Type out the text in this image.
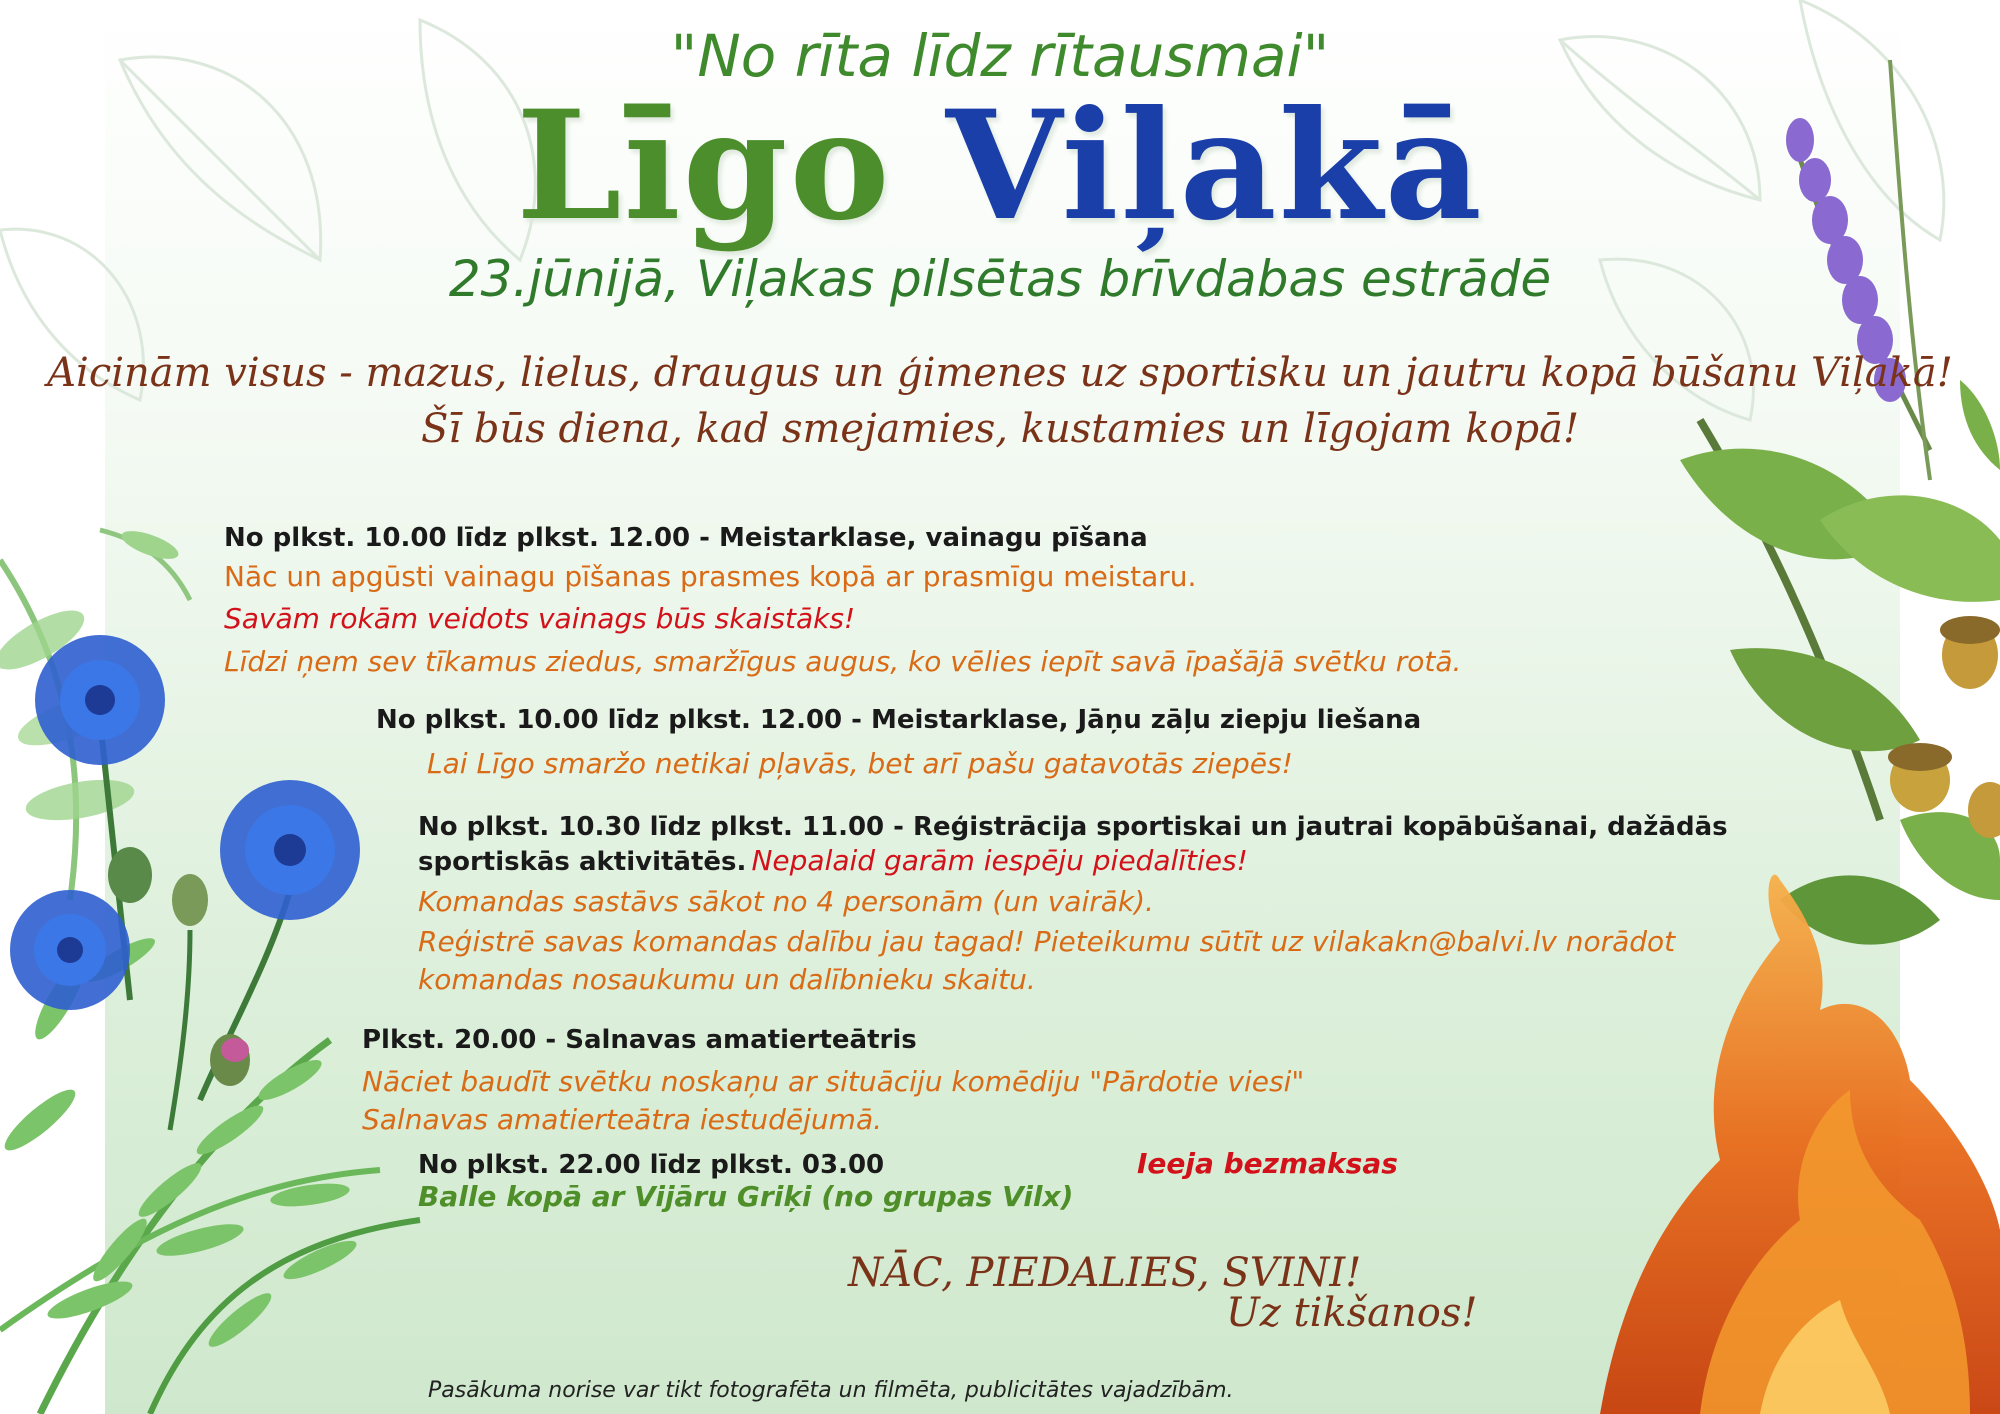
"No rīta līdz rītausmai"
Līgo Viļakā
23.jūnijā, Viļakas pilsētas brīvdabas estrādē
Aicinām visus - mazus, lielus, draugus un ģimenes uz sportisku un jautru kopā būšanu Viļakā!
Šī būs diena, kad smejamies, kustamies un līgojam kopā!
No plkst. 10.00 līdz plkst. 12.00 - Meistarklase, vainagu pīšana
Nāc un apgūsti vainagu pīšanas prasmes kopā ar prasmīgu meistaru.
Savām rokām veidots vainags būs skaistāks!
Līdzi ņem sev tīkamus ziedus, smaržīgus augus, ko vēlies iepīt savā īpašājā svētku rotā.
No plkst. 10.00 līdz plkst. 12.00 - Meistarklase, Jāņu zāļu ziepju liešana
Lai Līgo smaržo netikai pļavās, bet arī pašu gatavotās ziepēs!
No plkst. 10.30 līdz plkst. 11.00 - Reģistrācija sportiskai un jautrai kopābūšanai, dažādās
sportiskās aktivitātēs. Nepalaid garām iespēju piedalīties!
Komandas sastāvs sākot no 4 personām (un vairāk).
Reģistrē savas komandas dalību jau tagad! Pieteikumu sūtīt uz vilakakn@balvi.lv norādot
komandas nosaukumu un dalībnieku skaitu.
Plkst. 20.00 - Salnavas amatierteātris
Nāciet baudīt svētku noskaņu ar situāciju komēdiju "Pārdotie viesi"
Salnavas amatierteātra iestudējumā.
No plkst. 22.00 līdz plkst. 03.00
Balle kopā ar Vijāru Griķi (no grupas Vilx)
Ieeja bezmaksas
NĀC, PIEDALIES, SVINI!
Uz tikšanos!
Pasākuma norise var tikt fotografēta un filmēta, publicitātes vajadzībām.
